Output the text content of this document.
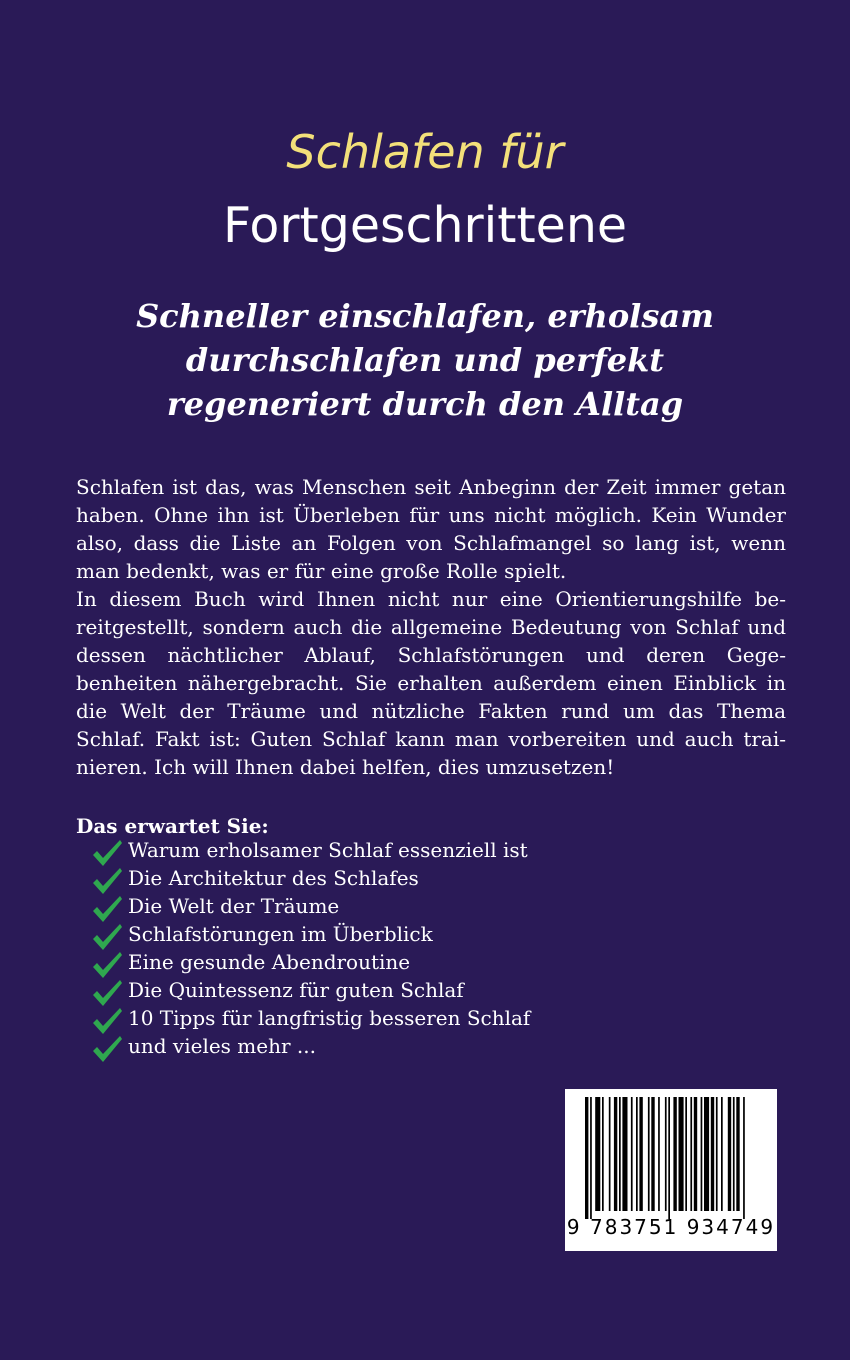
Schlafen für
Fortgeschrittene
Schneller einschlafen, erholsam
durchschlafen und perfekt
regeneriert durch den Alltag

Schlafen ist das, was Menschen seit Anbeginn der Zeit immer getan haben. Ohne ihn ist Überleben für uns nicht möglich. Kein Wunder also, dass die Liste an Folgen von Schlafmangel so lang ist, wenn man bedenkt, was er für eine große Rolle spielt.

In diesem Buch wird Ihnen nicht nur eine Orientierungshilfe bereitgestellt, sondern auch die allgemeine Bedeutung von Schlaf und dessen nächtlicher Ablauf, Schlafstörungen und deren Gegebenheiten nähergebracht. Sie erhalten außerdem einen Einblick in die Welt der Träume und nützliche Fakten rund um das Thema Schlaf. Fakt ist: Guten Schlaf kann man vorbereiten und auch trainieren. Ich will Ihnen dabei helfen, dies umzusetzen!

Das erwartet Sie:
Warum erholsamer Schlaf essenziell ist
Die Architektur des Schlafes
Die Welt der Träume
Schlafstörungen im Überblick
Eine gesunde Abendroutine
Die Quintessenz für guten Schlaf
10 Tipps für langfristig besseren Schlaf
und vieles mehr ...
9 783751 934749
